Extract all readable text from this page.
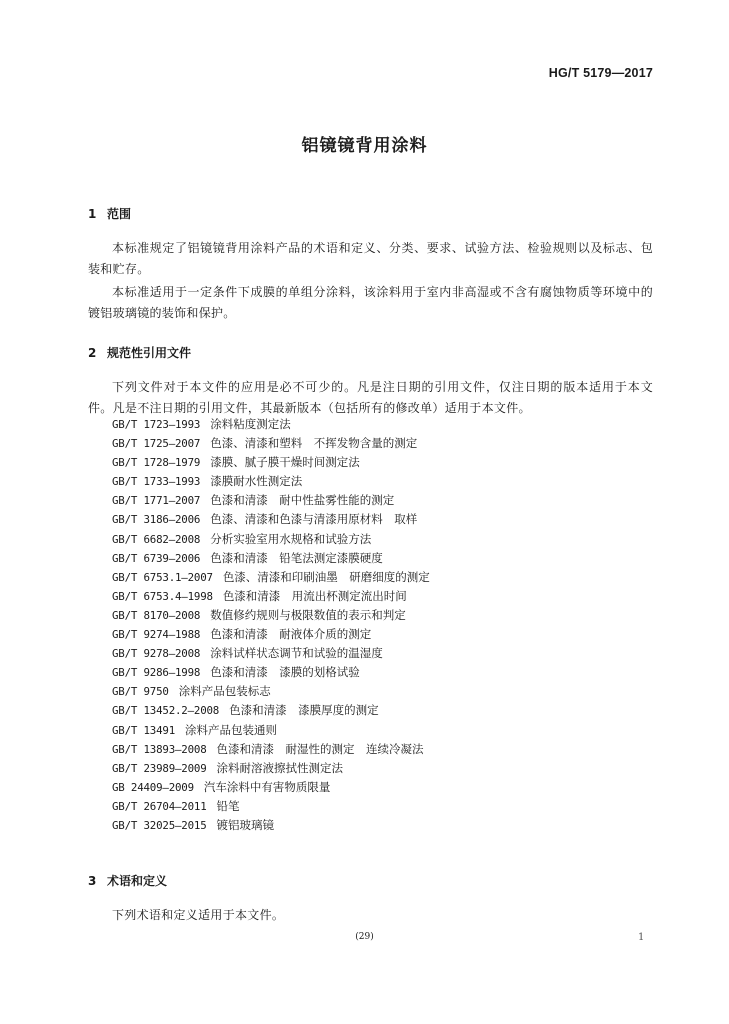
HG/T 5179—2017
铝镜镜背用涂料
1 范围
本标准规定了铝镜镜背用涂料产品的术语和定义、分类、要求、试验方法、检验规则以及标志、包装和贮存。
本标准适用于一定条件下成膜的单组分涂料，该涂料用于室内非高湿或不含有腐蚀物质等环境中的镀铝玻璃镜的装饰和保护。
2 规范性引用文件
下列文件对于本文件的应用是必不可少的。凡是注日期的引用文件，仅注日期的版本适用于本文件。凡是不注日期的引用文件，其最新版本（包括所有的修改单）适用于本文件。
GB/T 1723—1993 涂料粘度测定法
GB/T 1725—2007 色漆、清漆和塑料　不挥发物含量的测定
GB/T 1728—1979 漆膜、腻子膜干燥时间测定法
GB/T 1733—1993 漆膜耐水性测定法
GB/T 1771—2007 色漆和清漆　耐中性盐雾性能的测定
GB/T 3186—2006 色漆、清漆和色漆与清漆用原材料　取样
GB/T 6682—2008 分析实验室用水规格和试验方法
GB/T 6739—2006 色漆和清漆　铅笔法测定漆膜硬度
GB/T 6753.1—2007 色漆、清漆和印刷油墨　研磨细度的测定
GB/T 6753.4—1998 色漆和清漆　用流出杯测定流出时间
GB/T 8170—2008 数值修约规则与极限数值的表示和判定
GB/T 9274—1988 色漆和清漆　耐液体介质的测定
GB/T 9278—2008 涂料试样状态调节和试验的温湿度
GB/T 9286—1998 色漆和清漆　漆膜的划格试验
GB/T 9750 涂料产品包装标志
GB/T 13452.2—2008 色漆和清漆　漆膜厚度的测定
GB/T 13491 涂料产品包装通则
GB/T 13893—2008 色漆和清漆　耐湿性的测定　连续冷凝法
GB/T 23989—2009 涂料耐溶液擦拭性测定法
GB 24409—2009 汽车涂料中有害物质限量
GB/T 26704—2011 铅笔
GB/T 32025—2015 镀铝玻璃镜
3 术语和定义
下列术语和定义适用于本文件。
(29)	1
